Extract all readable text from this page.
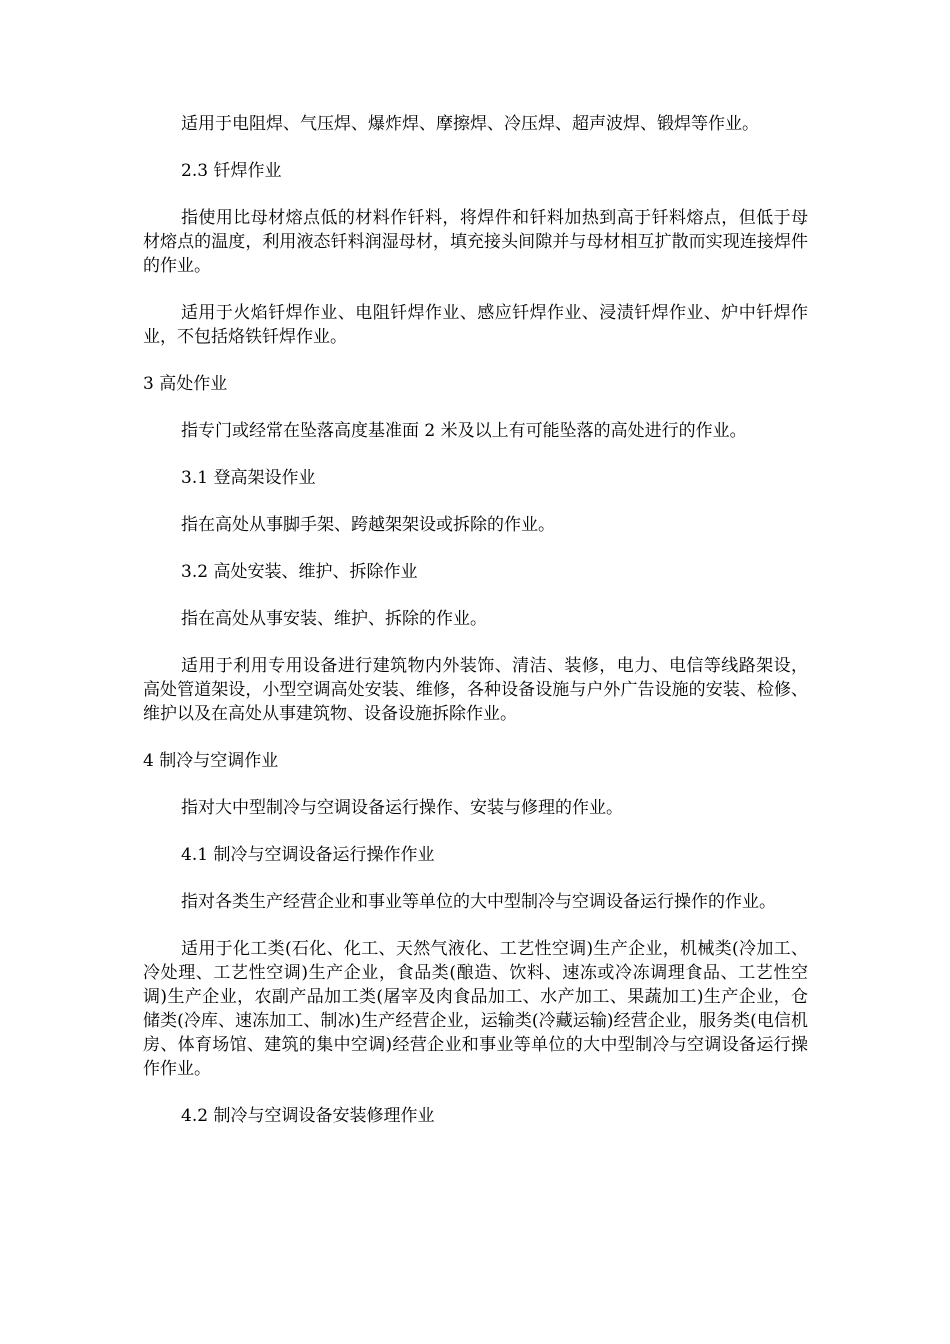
适用于电阻焊、气压焊、爆炸焊、摩擦焊、冷压焊、超声波焊、锻焊等作业。

2.3 钎焊作业

指使用比母材熔点低的材料作钎料，将焊件和钎料加热到高于钎料熔点，但低于母材熔点的温度，利用液态钎料润湿母材，填充接头间隙并与母材相互扩散而实现连接焊件的作业。

适用于火焰钎焊作业、电阻钎焊作业、感应钎焊作业、浸渍钎焊作业、炉中钎焊作业，不包括烙铁钎焊作业。

3 高处作业

指专门或经常在坠落高度基准面 2 米及以上有可能坠落的高处进行的作业。

3.1 登高架设作业

指在高处从事脚手架、跨越架架设或拆除的作业。

3.2 高处安装、维护、拆除作业

指在高处从事安装、维护、拆除的作业。

适用于利用专用设备进行建筑物内外装饰、清洁、装修，电力、电信等线路架设，高处管道架设，小型空调高处安装、维修，各种设备设施与户外广告设施的安装、检修、维护以及在高处从事建筑物、设备设施拆除作业。

4 制冷与空调作业

指对大中型制冷与空调设备运行操作、安装与修理的作业。

4.1 制冷与空调设备运行操作作业

指对各类生产经营企业和事业等单位的大中型制冷与空调设备运行操作的作业。

适用于化工类(石化、化工、天然气液化、工艺性空调)生产企业，机械类(冷加工、冷处理、工艺性空调)生产企业，食品类(酿造、饮料、速冻或冷冻调理食品、工艺性空调)生产企业，农副产品加工类(屠宰及肉食品加工、水产加工、果蔬加工)生产企业，仓储类(冷库、速冻加工、制冰)生产经营企业，运输类(冷藏运输)经营企业，服务类(电信机房、体育场馆、建筑的集中空调)经营企业和事业等单位的大中型制冷与空调设备运行操作作业。

4.2 制冷与空调设备安装修理作业
